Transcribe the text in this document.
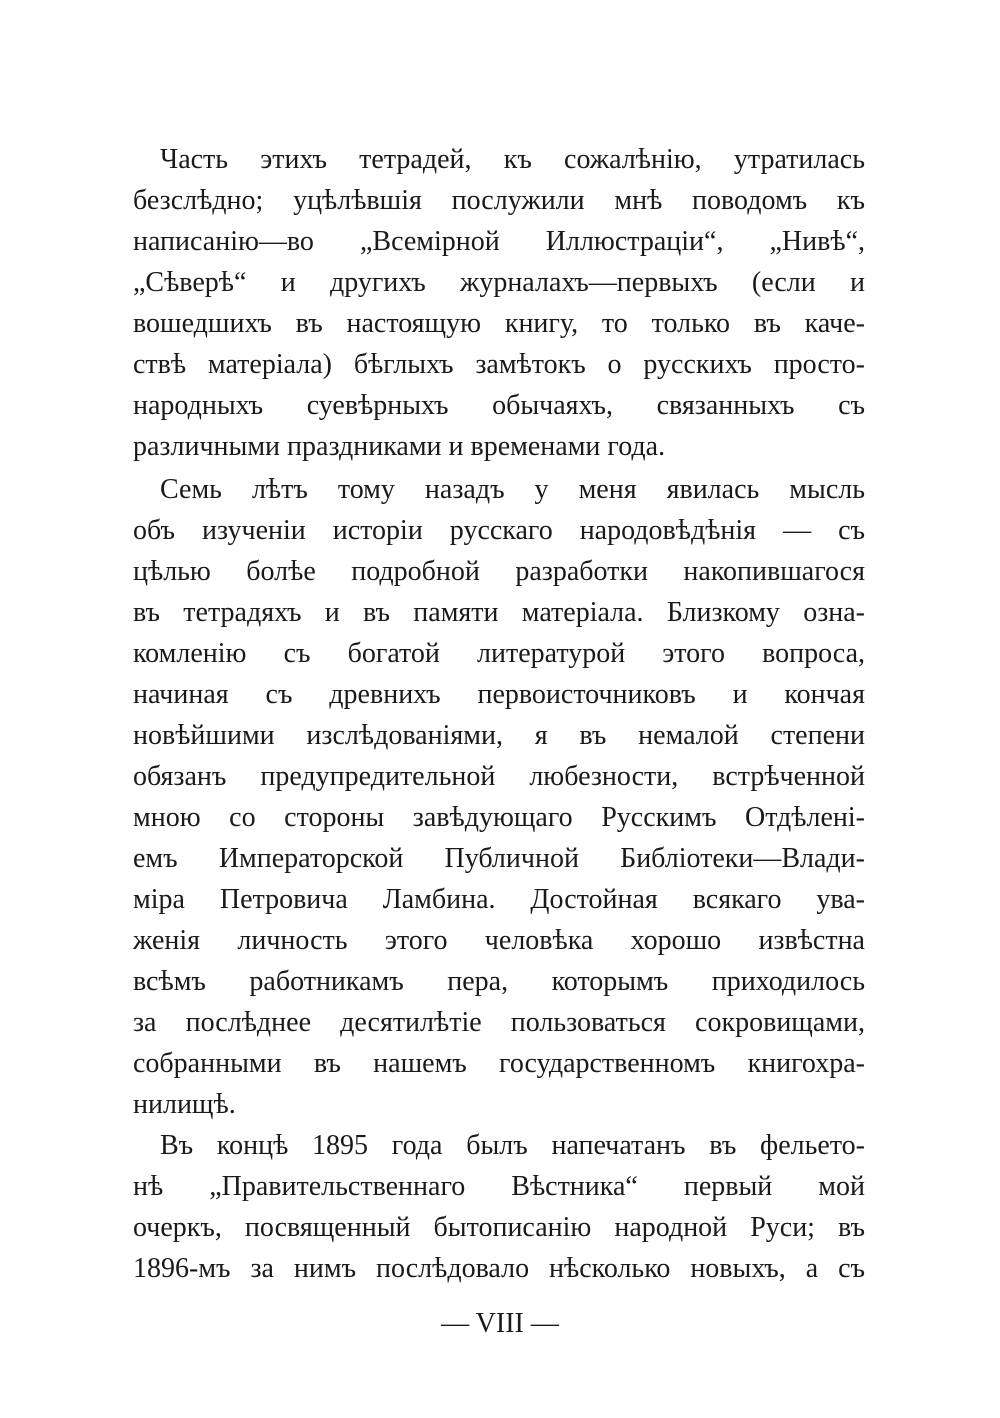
Часть этихъ тетрадей, къ сожалѣнію, утратилась
безслѣдно; уцѣлѣвшія послужили мнѣ поводомъ къ
написанію—во „Всемірной Иллюстраціи“, „Нивѣ“,
„Сѣверѣ“ и другихъ журналахъ—первыхъ (если и
вошедшихъ въ настоящую книгу, то только въ каче-
ствѣ матеріала) бѣглыхъ замѣтокъ о русскихъ просто-
народныхъ суевѣрныхъ обычаяхъ, связанныхъ съ
различными праздниками и временами года.
Семь лѣтъ тому назадъ у меня явилась мысль
объ изученіи исторіи русскаго народовѣдѣнія — съ
цѣлью болѣе подробной разработки накопившагося
въ тетрадяхъ и въ памяти матеріала. Близкому озна-
комленію съ богатой литературой этого вопроса,
начиная съ древнихъ первоисточниковъ и кончая
новѣйшими изслѣдованіями, я въ немалой степени
обязанъ предупредительной любезности, встрѣченной
мною со стороны завѣдующаго Русскимъ Отдѣлені-
емъ Императорской Публичной Библіотеки—Влади-
міра Петровича Ламбина. Достойная всякаго ува-
женія личность этого человѣка хорошо извѣстна
всѣмъ работникамъ пера, которымъ приходилось
за послѣднее десятилѣтіе пользоваться сокровищами,
собранными въ нашемъ государственномъ книгохра-
нилищѣ.
Въ концѣ 1895 года былъ напечатанъ въ фельето-
нѣ „Правительственнаго Вѣстника“ первый мой
очеркъ, посвященный бытописанію народной Руси; въ
1896-мъ за нимъ послѣдовало нѣсколько новыхъ, а съ
— VIII —
